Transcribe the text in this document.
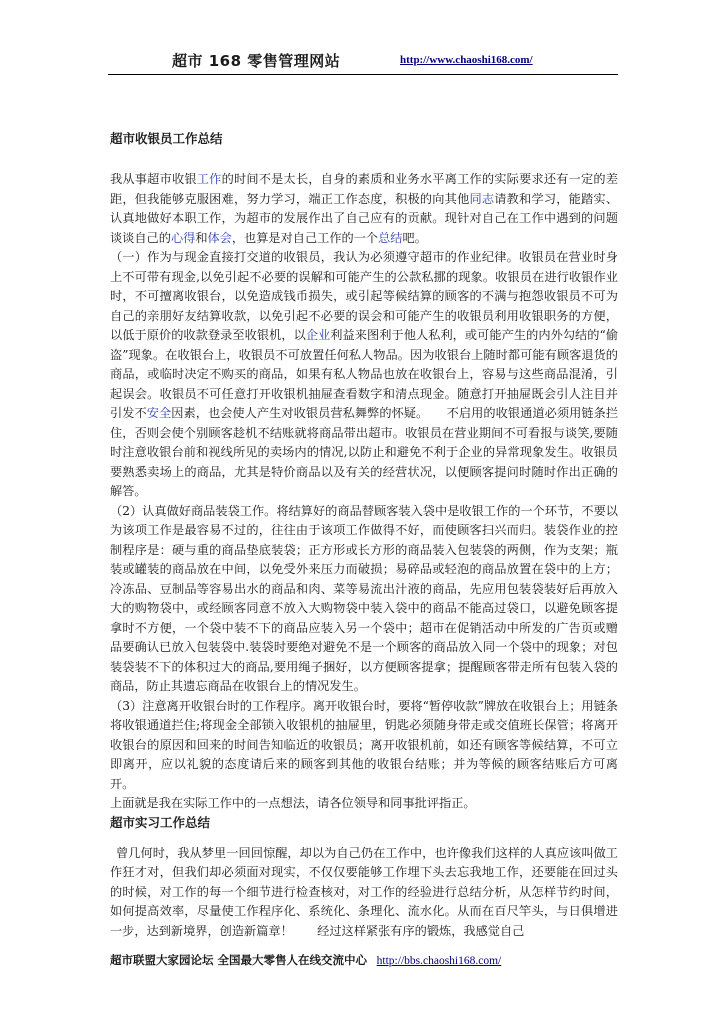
超市 168 零售管理网站	http://www.chaoshi168.com/
超市收银员工作总结

我从事超市收银工作的时间不是太长，自身的素质和业务水平离工作的实际要求还有一定的差距，但我能够克服困难，努力学习，端正工作态度，积极的向其他同志请教和学习，能踏实、认真地做好本职工作，为超市的发展作出了自己应有的贡献。现针对自己在工作中遇到的问题谈谈自己的心得和体会，也算是对自己工作的一个总结吧。

（一）作为与现金直接打交道的收银员，我认为必须遵守超市的作业纪律。收银员在营业时身上不可带有现金,以免引起不必要的误解和可能产生的公款私挪的现象。收银员在进行收银作业时，不可擅离收银台，以免造成钱币损失，或引起等候结算的顾客的不满与抱怨收银员不可为自己的亲朋好友结算收款，以免引起不必要的误会和可能产生的收银员利用收银职务的方便，以低于原价的收款登录至收银机，以企业利益来图利于他人私利，或可能产生的内外勾结的“偷盗”现象。在收银台上，收银员不可放置任何私人物品。因为收银台上随时都可能有顾客退货的商品，或临时决定不购买的商品，如果有私人物品也放在收银台上，容易与这些商品混淆，引起误会。收银员不可任意打开收银机抽屉查看数字和清点现金。随意打开抽屉既会引人注目并引发不安全因素，也会使人产生对收银员营私舞弊的怀疑。　　不启用的收银通道必须用链条拦住，否则会使个别顾客趁机不结账就将商品带出超市。收银员在营业期间不可看报与谈笑,要随时注意收银台前和视线所见的卖场内的情况,以防止和避免不利于企业的异常现象发生。收银员要熟悉卖场上的商品，尤其是特价商品以及有关的经营状况，以便顾客提问时随时作出正确的解答。

（2）认真做好商品装袋工作。将结算好的商品替顾客装入袋中是收银工作的一个环节，不要以为该项工作是最容易不过的，往往由于该项工作做得不好，而使顾客扫兴而归。装袋作业的控制程序是：硬与重的商品垫底装袋；正方形或长方形的商品装入包装袋的两侧，作为支架；瓶装或罐装的商品放在中间，以免受外来压力而破损；易碎品或轻泡的商品放置在袋中的上方；冷冻品、豆制品等容易出水的商品和肉、菜等易流出汁液的商品，先应用包装袋装好后再放入大的购物袋中，或经顾客同意不放入大购物袋中装入袋中的商品不能高过袋口，以避免顾客提拿时不方便，一个袋中装不下的商品应装入另一个袋中；超市在促销活动中所发的广告页或赠品要确认已放入包装袋中.装袋时要绝对避免不是一个顾客的商品放入同一个袋中的现象；对包装袋装不下的体积过大的商品,要用绳子捆好，以方便顾客提拿；提醒顾客带走所有包装入袋的商品，防止其遗忘商品在收银台上的情况发生。

（3）注意离开收银台时的工作程序。离开收银台时，要将“暂停收款”牌放在收银台上；用链条将收银通道拦住;将现金全部锁入收银机的抽屉里，钥匙必须随身带走或交值班长保管；将离开收银台的原因和回来的时间告知临近的收银员；离开收银机前，如还有顾客等候结算，不可立即离开，应以礼貌的态度请后来的顾客到其他的收银台结账；并为等候的顾客结账后方可离开。

上面就是我在实际工作中的一点想法，请各位领导和同事批评指正。

超市实习工作总结

曾几何时，我从梦里一回回惊醒，却以为自己仍在工作中，也许像我们这样的人真应该叫做工作狂才对，但我们却必须面对现实，不仅仅要能够工作埋下头去忘我地工作，还要能在回过头的时候，对工作的每一个细节进行检查核对，对工作的经验进行总结分析，从怎样节约时间，如何提高效率，尽量使工作程序化、系统化、条理化、流水化。从而在百尺竿头，与日俱增进一步，达到新境界，创造新篇章！　　经过这样紧张有序的锻炼，我感觉自己

超市联盟大家园论坛 全国最大零售人在线交流中心 http://bbs.chaoshi168.com/
